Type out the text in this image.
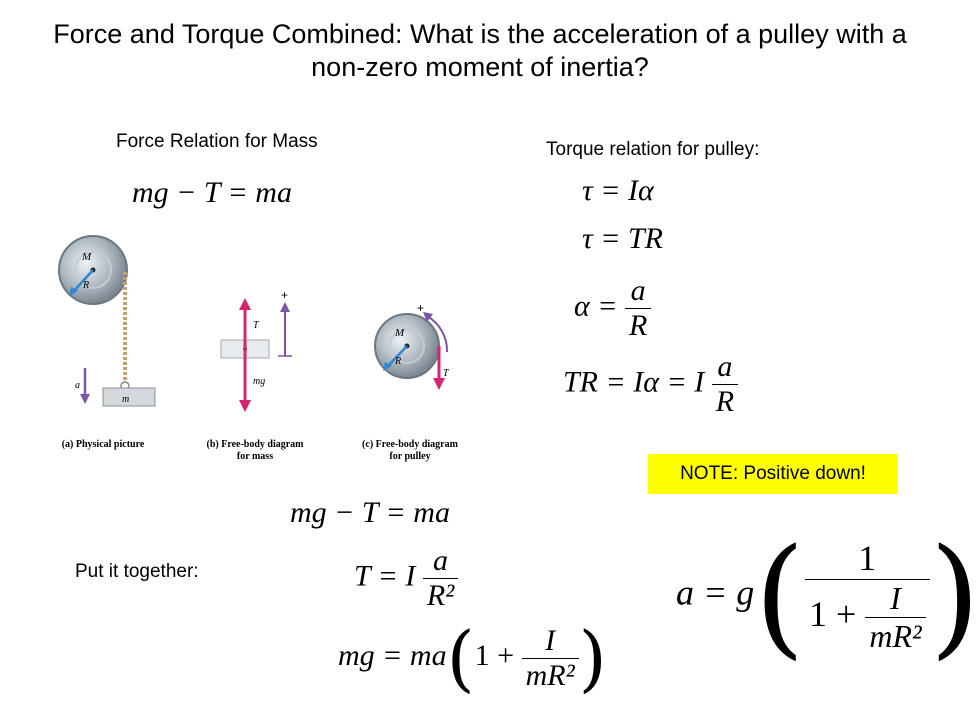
Force and Torque Combined: What is the acceleration of a pulley with a non-zero moment of inertia?
Force Relation for Mass	Torque relation for pulley:
mg − T = ma	τ = Iα
τ = TR
$\alpha = \frac{a}{R}$
TR = Iα = I $\frac{a}{R}$
NOTE: Positive down!
mg − T = ma
Put it together:	T = I $\frac{a}{\text{R²}}$
mg = $ma(1 + \frac{I}{\text{mR²}}$ )
$a = g( \frac{1}{1 + \frac{I}{\text{mR²}}}$ )
M
R
m
a
T
mg
+
M
R
T
+
(a) Physical picture	(b) Free-body diagram
for mass
(c) Free-body diagram
for pulley
